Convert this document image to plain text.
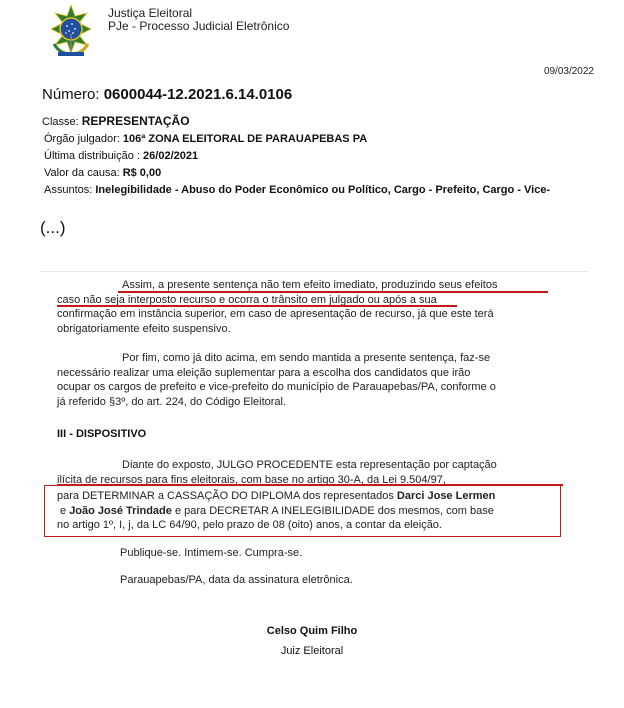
Justiça Eleitoral
PJe - Processo Judicial Eletrônico
09/03/2022
Número: 0600044-12.2021.6.14.0106
Classe: REPRESENTAÇÃO
Órgão julgador: 106ª ZONA ELEITORAL DE PARAUAPEBAS PA
Última distribuição : 26/02/2021
Valor da causa: R$ 0,00
Assuntos: Inelegibilidade - Abuso do Poder Econômico ou Político, Cargo - Prefeito, Cargo - Vice-
(...)
Assim, a presente sentença não tem efeito imediato, produzindo seus efeitos
caso não seja interposto recurso e ocorra o trânsito em julgado ou após a sua
confirmação em instância superior, em caso de apresentação de recurso, já que este terá
obrigatoriamente efeito suspensivo.
Por fim, como já dito acima, em sendo mantida a presente sentença, faz-se
necessário realizar uma eleição suplementar para a escolha dos candidatos que irão
ocupar os cargos de prefeito e vice-prefeito do município de Parauapebas/PA, conforme o
já referido §3º, do art. 224, do Código Eleitoral.
III - DISPOSITIVO
Diante do exposto, JULGO PROCEDENTE esta representação por captação
ilícita de recursos para fins eleitorais, com base no artigo 30-A, da Lei 9.504/97,
para DETERMINAR a CASSAÇÃO DO DIPLOMA dos representados Darci Jose Lermen
e João José Trindade e para DECRETAR A INELEGIBILIDADE dos mesmos, com base
no artigo 1º, I, j, da LC 64/90, pelo prazo de 08 (oito) anos, a contar da eleição.
Publique-se. Intimem-se. Cumpra-se.
Parauapebas/PA, data da assinatura eletrônica.
Celso Quim Filho
Juiz Eleitoral
